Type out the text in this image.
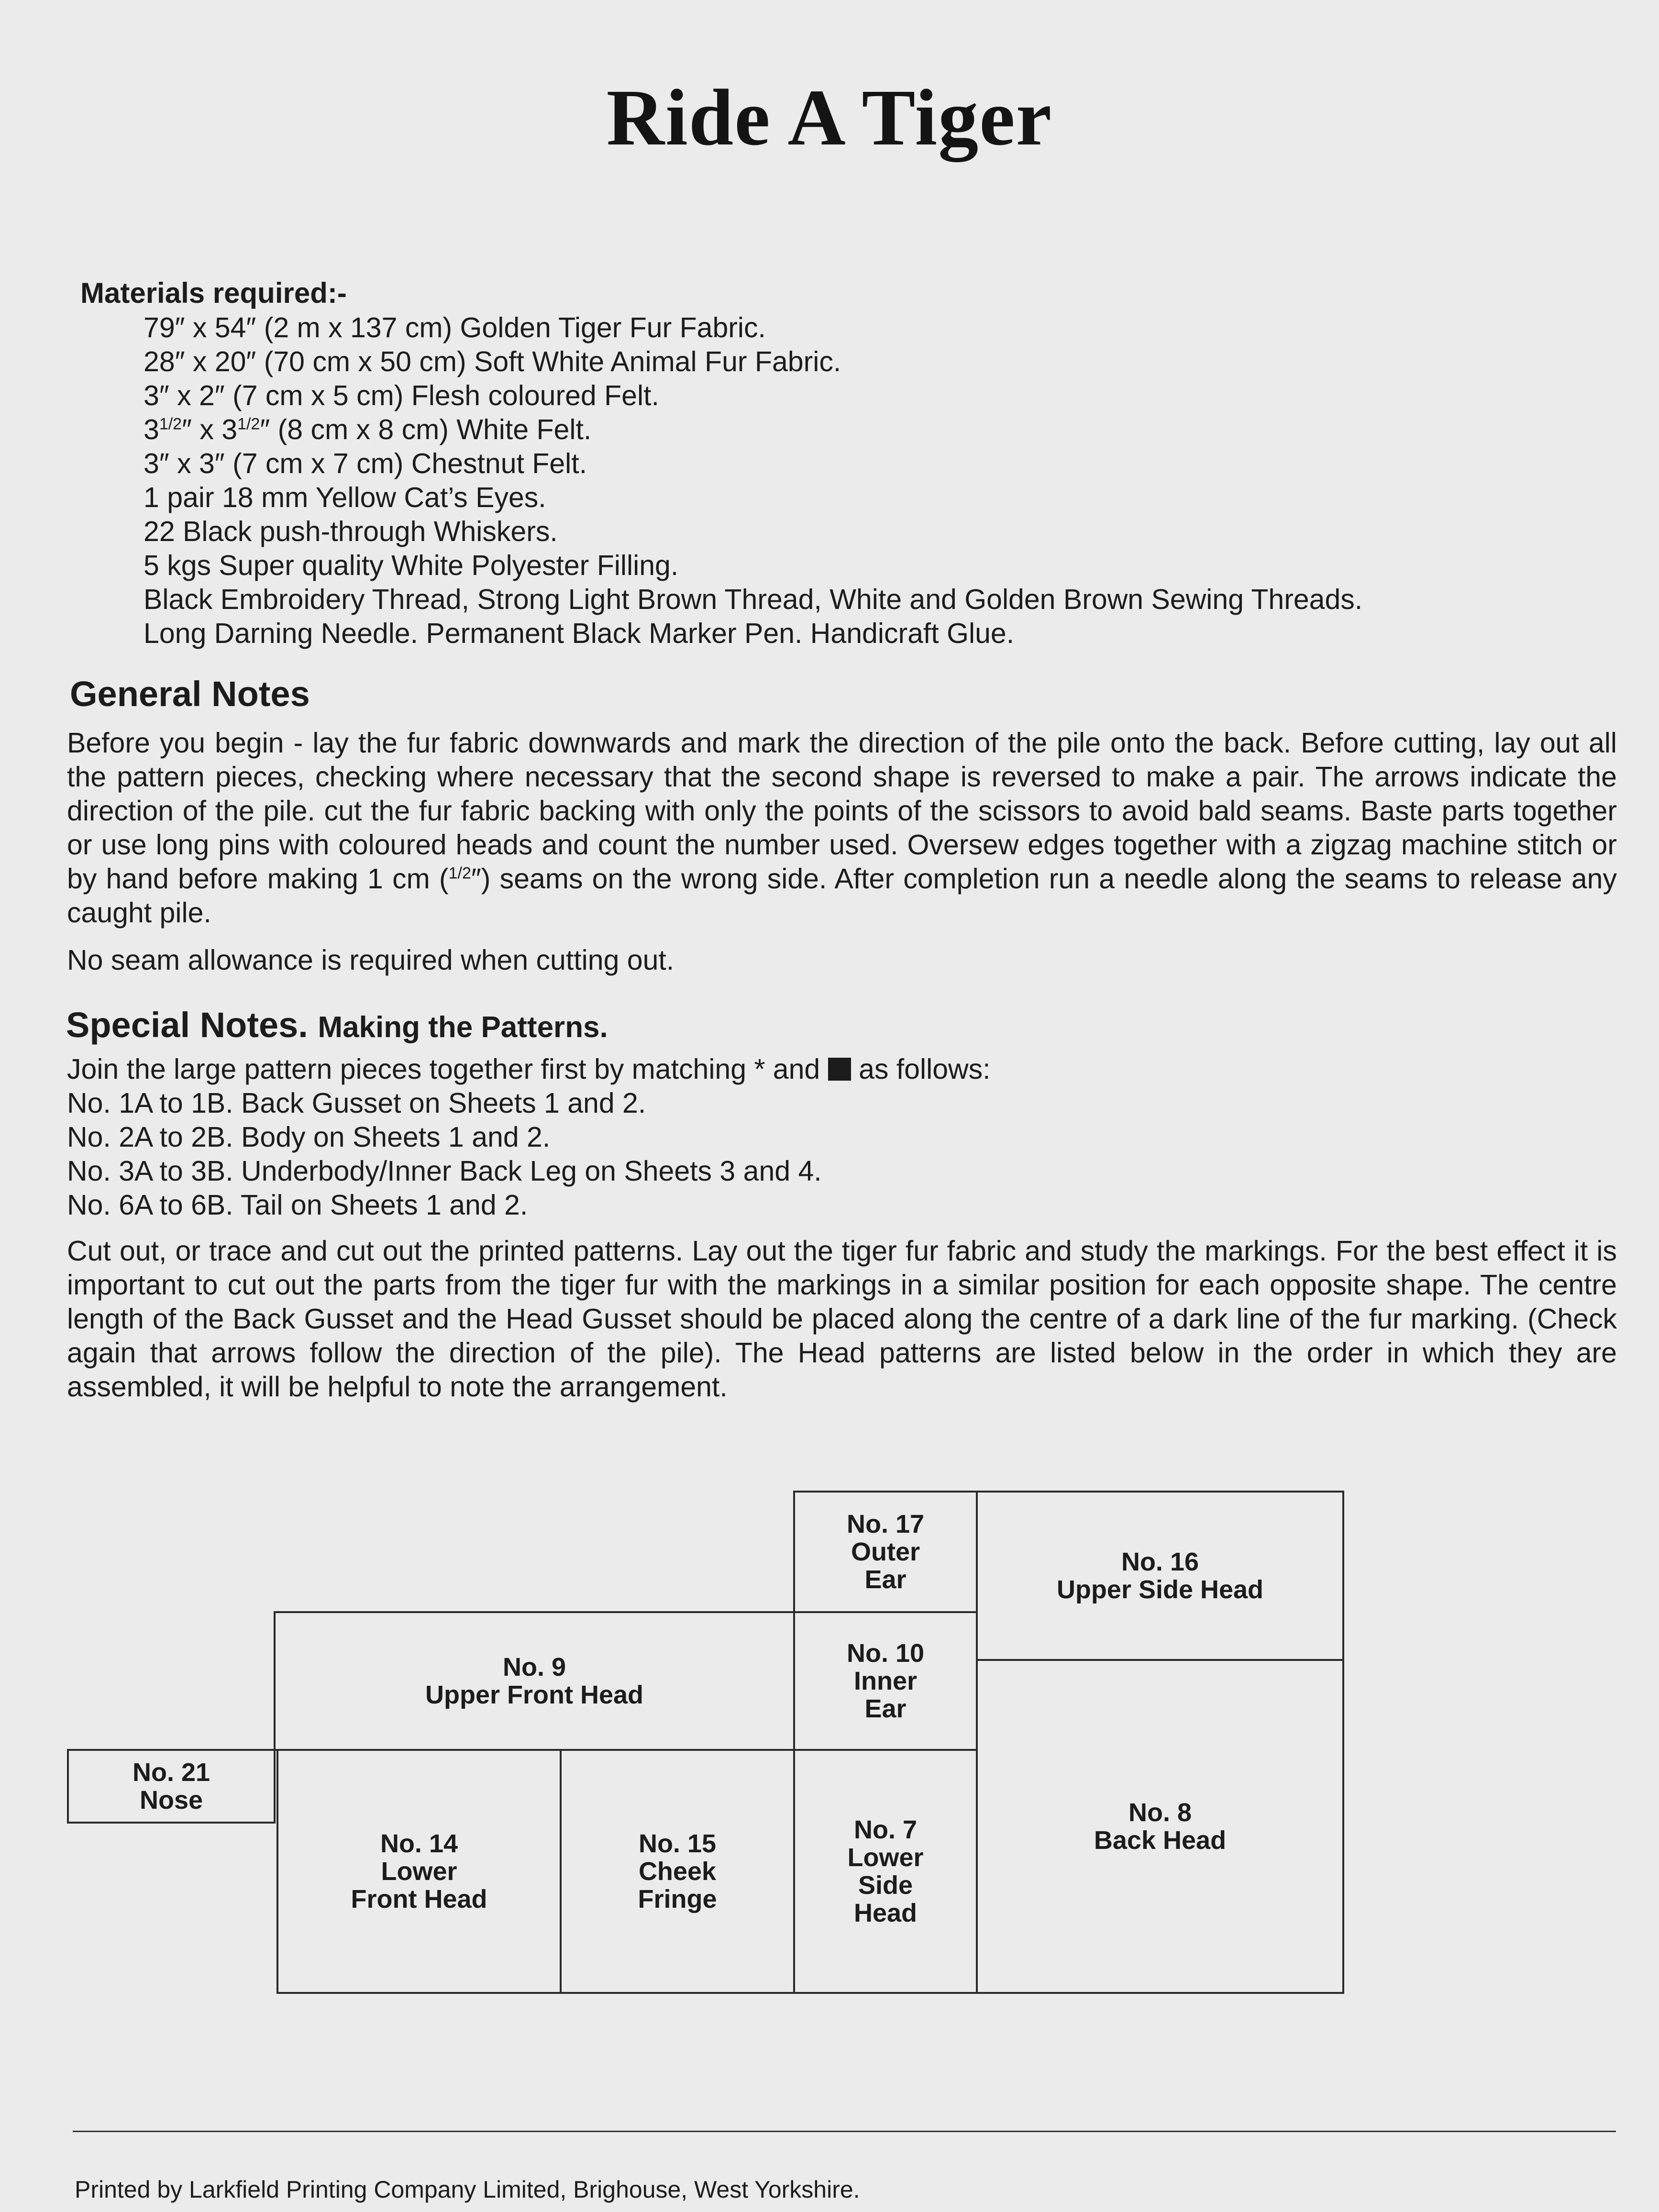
Ride A Tiger
Materials required:-
79″ x 54″ (2 m x 137 cm) Golden Tiger Fur Fabric.
28″ x 20″ (70 cm x 50 cm) Soft White Animal Fur Fabric.
3″ x 2″ (7 cm x 5 cm) Flesh coloured Felt.
$3^{1/2}''$ x $3^{1/2}''$ (8 cm x 8 cm) White Felt.
3″ x 3″ (7 cm x 7 cm) Chestnut Felt.
1 pair 18 mm Yellow Cat’s Eyes.
22 Black push-through Whiskers.
5 kgs Super quality White Polyester Filling.
Black Embroidery Thread, Strong Light Brown Thread, White and Golden Brown Sewing Threads.
Long Darning Needle. Permanent Black Marker Pen. Handicraft Glue.
General Notes

Before you begin - lay the fur fabric downwards and mark the direction of the pile onto the back. Before cutting, lay out all the pattern pieces, checking where necessary that the second shape is reversed to make a pair. The arrows indicate the direction of the pile. cut the fur fabric backing with only the points of the scissors to avoid bald seams. Baste parts together or use long pins with coloured heads and count the number used. Oversew edges together with a zigzag machine stitch or by hand before making 1 cm ($^{1/2}$″) seams on the wrong side. After completion run a needle along the seams to release any caught pile.

No seam allowance is required when cutting out.

Special Notes. Making the Patterns.

Join the large pattern pieces together first by matching * and as follows:

No. 1A to 1B. Back Gusset on Sheets 1 and 2.
No. 2A to 2B. Body on Sheets 1 and 2.
No. 3A to 3B. Underbody/Inner Back Leg on Sheets 3 and 4.
No. 6A to 6B. Tail on Sheets 1 and 2.

Cut out, or trace and cut out the printed patterns. Lay out the tiger fur fabric and study the markings. For the best effect it is important to cut out the parts from the tiger fur with the markings in a similar position for each opposite shape. The centre length of the Back Gusset and the Head Gusset should be placed along the centre of a dark line of the fur marking. (Check again that arrows follow the direction of the pile). The Head patterns are listed below in the order in which they are assembled, it will be helpful to note the arrangement.

No. 17
Outer
Ear
No. 16
Upper Side Head
No. 9
Upper Front Head
No. 10
Inner
Ear
No. 21
Nose
No. 14
Lower
Front Head
No. 15
Cheek
Fringe
No. 7
Lower
Side
Head
No. 8
Back Head
Printed by Larkfield Printing Company Limited, Brighouse, West Yorkshire.
